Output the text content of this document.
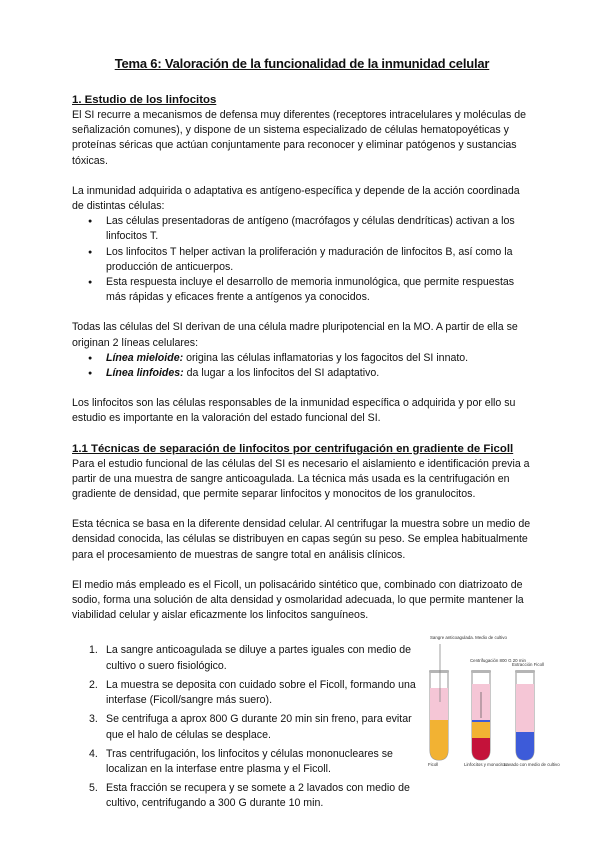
Tema 6: Valoración de la funcionalidad de la inmunidad celular
1. Estudio de los linfocitos

El SI recurre a mecanismos de defensa muy diferentes (receptores intracelulares y moléculas de señalización comunes), y dispone de un sistema especializado de células hematopoyéticas y proteínas séricas que actúan conjuntamente para reconocer y eliminar patógenos y sustancias tóxicas.

La inmunidad adquirida o adaptativa es antígeno-específica y depende de la acción coordinada de distintas células:

● Las células presentadoras de antígeno (macrófagos y células dendríticas) activan a los linfocitos T.
● Los linfocitos T helper activan la proliferación y maduración de linfocitos B, así como la producción de anticuerpos.
● Esta respuesta incluye el desarrollo de memoria inmunológica, que permite respuestas más rápidas y eficaces frente a antígenos ya conocidos.

Todas las células del SI derivan de una célula madre pluripotencial en la MO. A partir de ella se originan 2 líneas celulares:

● Línea mieloide: origina las células inflamatorias y los fagocitos del SI innato.
● Línea linfoides: da lugar a los linfocitos del SI adaptativo.

Los linfocitos son las células responsables de la inmunidad específica o adquirida y por ello su estudio es importante en la valoración del estado funcional del SI.

1.1 Técnicas de separación de linfocitos por centrifugación en gradiente de Ficoll

Para el estudio funcional de las células del SI es necesario el aislamiento e identificación previa a partir de una muestra de sangre anticoagulada. La técnica más usada es la centrifugación en gradiente de densidad, que permite separar linfocitos y monocitos de los granulocitos.

Esta técnica se basa en la diferente densidad celular. Al centrifugar la muestra sobre un medio de densidad conocida, las células se distribuyen en capas según su peso. Se emplea habitualmente para el procesamiento de muestras de sangre total en análisis clínicos.

El medio más empleado es el Ficoll, un polisacárido sintético que, combinado con diatrizoato de sodio, forma una solución de alta densidad y osmolaridad adecuada, lo que permite mantener la viabilidad celular y aislar eficazmente los linfocitos sanguíneos.

1. La sangre anticoagulada se diluye a partes iguales con medio de cultivo o suero fisiológico.
2. La muestra se deposita con cuidado sobre el Ficoll, formando una interfase (Ficoll/sangre más suero).
3. Se centrifuga a aprox 800 G durante 20 min sin freno, para evitar que el halo de células se desplace.
4. Tras centrifugación, los linfocitos y células mononucleares se localizan en la interfase entre plasma y el Ficoll.
5. Esta fracción se recupera y se somete a 2 lavados con medio de cultivo, centrifugando a 300 G durante 10 min.
Sangre anticoagulada. Medio de cultivo
Centrifugación 800 G 20 min
Extracción Ficoll
Ficoll	Linfocitos y monocitos
Lavado con medio de cultivo
